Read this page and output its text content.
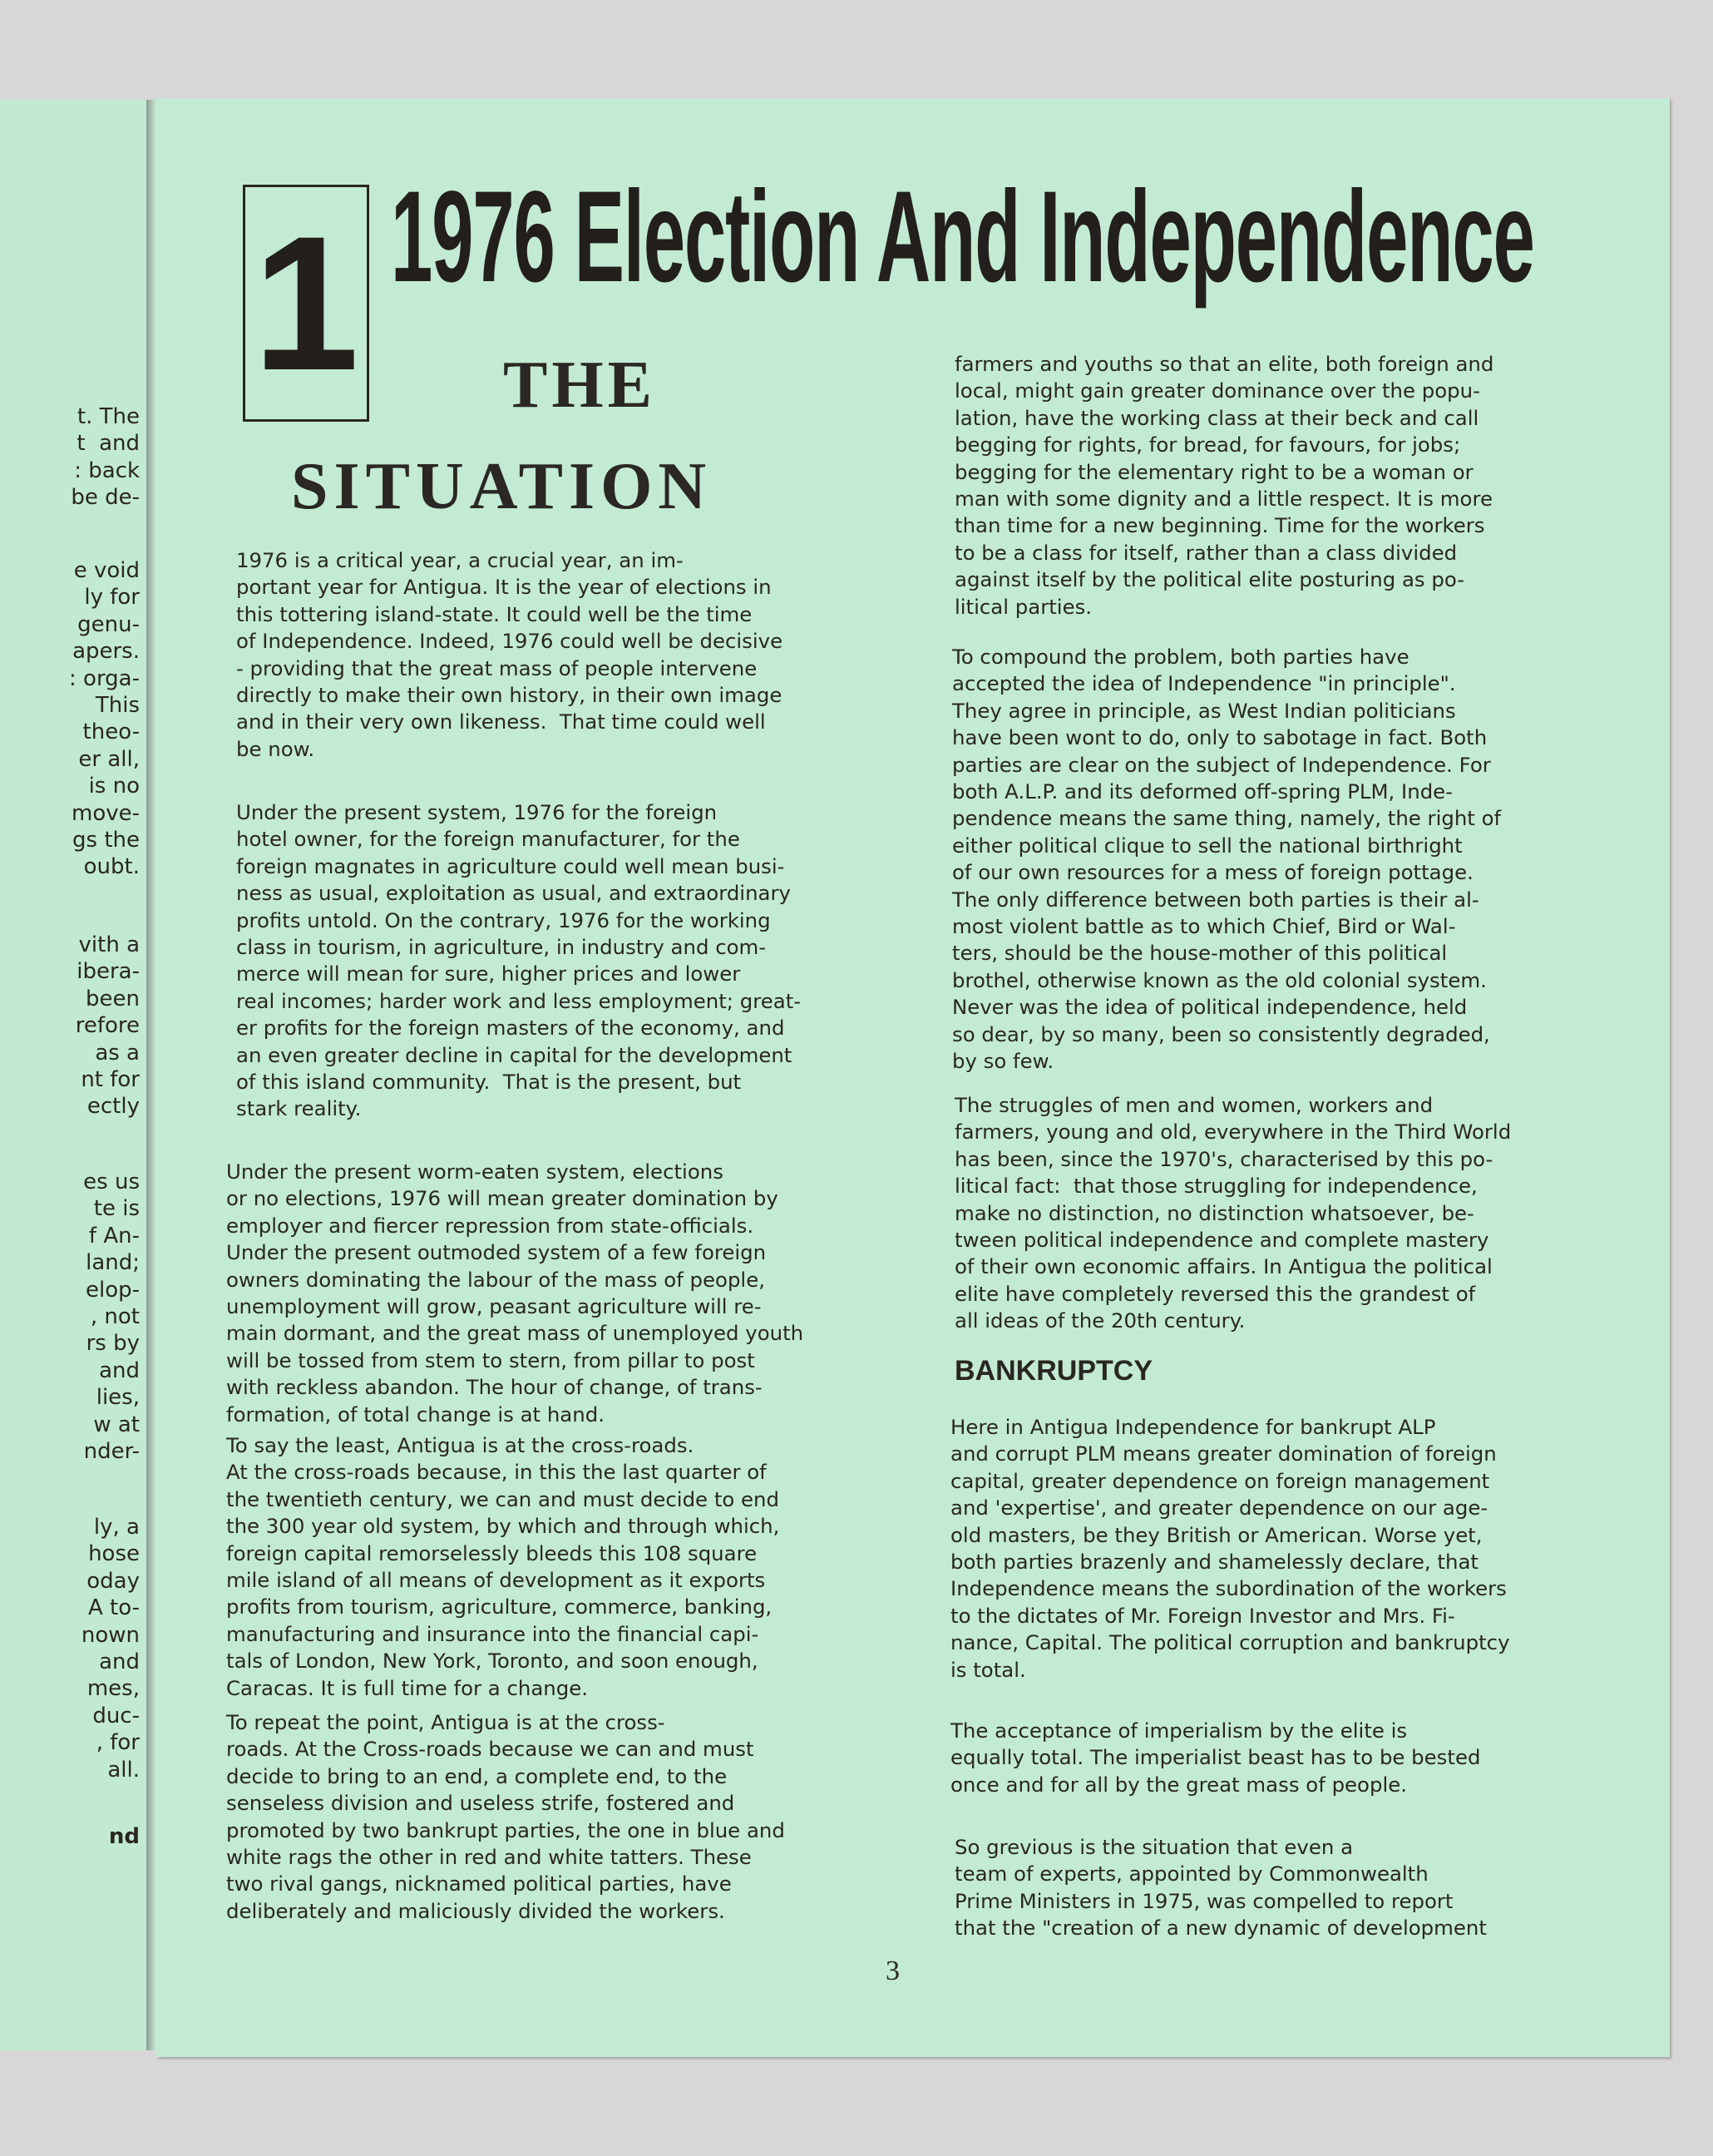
t. The
t  and
: back
be de-

e void
ly for
genu-
apers.
: orga-
This
theo-
er all,
is no
move-
gs the
oubt.

vith a
ibera-
been
refore
as a
nt for
ectly

es us
te is
f An-
land;
elop-
, not
rs by
and
lies,
w at
nder-

ly, a
hose
oday
A to-
nown
and
mes,
duc-
, for
all.

nd

1 1976 Election And Independence
THE
SITUATION

1976 is a critical year, a crucial year, an im-
portant year for Antigua. It is the year of elections in
this tottering island-state. It could well be the time
of Independence. Indeed, 1976 could well be decisive
- providing that the great mass of people intervene
directly to make their own history, in their own image
and in their very own likeness.  That time could well
be now.

Under the present system, 1976 for the foreign
hotel owner, for the foreign manufacturer, for the
foreign magnates in agriculture could well mean busi-
ness as usual, exploitation as usual, and extraordinary
profits untold. On the contrary, 1976 for the working
class in tourism, in agriculture, in industry and com-
merce will mean for sure, higher prices and lower
real incomes; harder work and less employment; great-
er profits for the foreign masters of the economy, and
an even greater decline in capital for the development
of this island community.  That is the present, but
stark reality.

Under the present worm-eaten system, elections
or no elections, 1976 will mean greater domination by
employer and fiercer repression from state-officials.
Under the present outmoded system of a few foreign
owners dominating the labour of the mass of people,
unemployment will grow, peasant agriculture will re-
main dormant, and the great mass of unemployed youth
will be tossed from stem to stern, from pillar to post
with reckless abandon. The hour of change, of trans-
formation, of total change is at hand.

To say the least, Antigua is at the cross-roads.
At the cross-roads because, in this the last quarter of
the twentieth century, we can and must decide to end
the 300 year old system, by which and through which,
foreign capital remorselessly bleeds this 108 square
mile island of all means of development as it exports
profits from tourism, agriculture, commerce, banking,
manufacturing and insurance into the financial capi-
tals of London, New York, Toronto, and soon enough,
Caracas. It is full time for a change.

To repeat the point, Antigua is at the cross-
roads. At the Cross-roads because we can and must
decide to bring to an end, a complete end, to the
senseless division and useless strife, fostered and
promoted by two bankrupt parties, the one in blue and
white rags the other in red and white tatters. These
two rival gangs, nicknamed political parties, have
deliberately and maliciously divided the workers.

farmers and youths so that an elite, both foreign and
local, might gain greater dominance over the popu-
lation, have the working class at their beck and call
begging for rights, for bread, for favours, for jobs;
begging for the elementary right to be a woman or
man with some dignity and a little respect. It is more
than time for a new beginning. Time for the workers
to be a class for itself, rather than a class divided
against itself by the political elite posturing as po-
litical parties.

To compound the problem, both parties have
accepted the idea of Independence "in principle".
They agree in principle, as West Indian politicians
have been wont to do, only to sabotage in fact. Both
parties are clear on the subject of Independence. For
both A.L.P. and its deformed off-spring PLM, Inde-
pendence means the same thing, namely, the right of
either political clique to sell the national birthright
of our own resources for a mess of foreign pottage.
The only difference between both parties is their al-
most violent battle as to which Chief, Bird or Wal-
ters, should be the house-mother of this political
brothel, otherwise known as the old colonial system.
Never was the idea of political independence, held
so dear, by so many, been so consistently degraded,
by so few.

The struggles of men and women, workers and
farmers, young and old, everywhere in the Third World
has been, since the 1970's, characterised by this po-
litical fact:  that those struggling for independence,
make no distinction, no distinction whatsoever, be-
tween political independence and complete mastery
of their own economic affairs. In Antigua the political
elite have completely reversed this the grandest of
all ideas of the 20th century.

BANKRUPTCY

Here in Antigua Independence for bankrupt ALP
and corrupt PLM means greater domination of foreign
capital, greater dependence on foreign management
and 'expertise', and greater dependence on our age-
old masters, be they British or American. Worse yet,
both parties brazenly and shamelessly declare, that
Independence means the subordination of the workers
to the dictates of Mr. Foreign Investor and Mrs. Fi-
nance, Capital. The political corruption and bankruptcy
is total.

The acceptance of imperialism by the elite is
equally total. The imperialist beast has to be bested
once and for all by the great mass of people.

So grevious is the situation that even a
team of experts, appointed by Commonwealth
Prime Ministers in 1975, was compelled to report
that the "creation of a new dynamic of development

3
